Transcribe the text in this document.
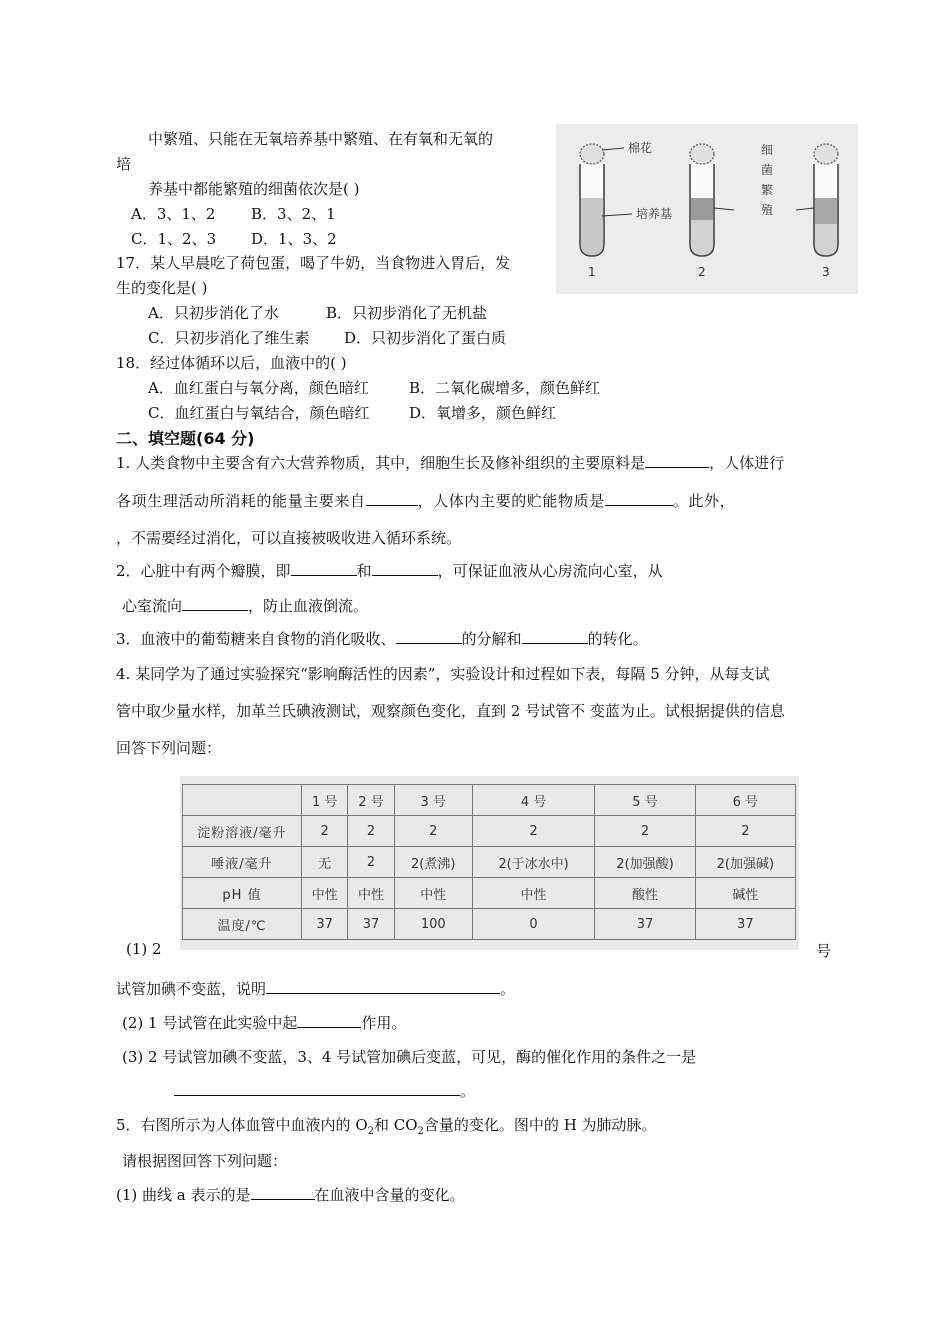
中繁殖、只能在无氧培养基中繁殖、在有氧和无氧的
培
养基中都能繁殖的细菌依次是( )
A．3、1、2 B．3、2、1
C．1、2、3 D．1、3、2
棉花
培养基
细
菌
繁
殖
1	2	3
17．某人早晨吃了荷包蛋，喝了牛奶，当食物进入胃后，发
生的变化是( )
A．只初步消化了水	B．只初步消化了无机盐
C．只初步消化了维生素 D．只初步消化了蛋白质
18．经过体循环以后，血液中的( )
A．血红蛋白与氧分离，颜色暗红	B．二氧化碳增多，颜色鲜红
C．血红蛋白与氧结合，颜色暗红	D．氧增多，颜色鲜红
二、填空题(64 分)
1. 人类食物中主要含有六大营养物质，其中，细胞生长及修补组织的主要原料是	，人体进行
各项生理活动所消耗的能量主要来自	，人体内主要的贮能物质是	。此外，
，不需要经过消化，可以直接被吸收进入循环系统。
2．心脏中有两个瓣膜，即	和	，可保证血液从心房流向心室，从
心室流向	，防止血液倒流。
3．血液中的葡萄糖来自食物的消化吸收、	的分解和	的转化。
4. 某同学为了通过实验探究“影响酶活性的因素”，实验设计和过程如下表，每隔 5 分钟，从每支试
管中取少量水样，加革兰氏碘液测试，观察颜色变化，直到 2 号试管不 变蓝为止。试根据提供的信息
回答下列问题：
	1 号	2 号	3 号	4 号	5 号	6 号
淀粉溶液/毫升	2	2	2	2	2	2
唾液/毫升	无	2	2(煮沸)	2(于冰水中)	2(加强酸)	2(加强碱)
pH 值	中性	中性	中性	中性	酸性	碱性
温度/℃	37	37	100	0	37	37
(1) 2	号
试管加碘不变蓝，说明	。
(2) 1 号试管在此实验中起	作用。
(3) 2 号试管加碘不变蓝，3、4 号试管加碘后变蓝，可见，酶的催化作用的条件之一是
。
5．右图所示为人体血管中血液内的 $O_2$和 $CO_2$含量的变化。图中的 H 为肺动脉。
请根据图回答下列问题：
(1) 曲线 a 表示的是	在血液中含量的变化。
